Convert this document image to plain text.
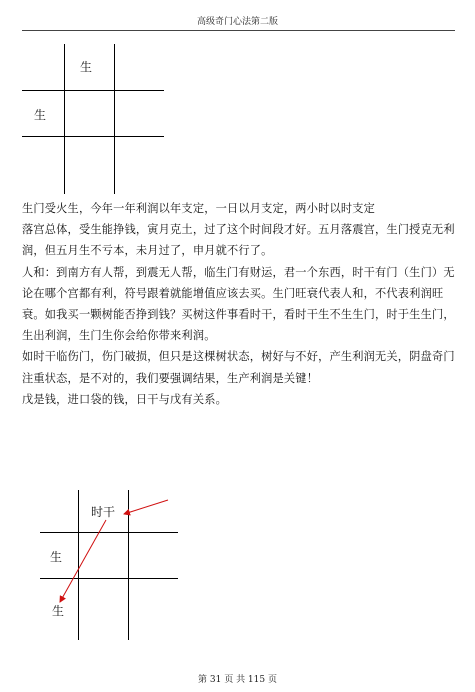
高级奇门心法第二版
生
生

生门受火生，今年一年利润以年支定，一日以月支定，两小时以时支定

落宫总体，受生能挣钱，寅月克土，过了这个时间段才好。五月落震宫，生门授克无利润，但五月生不亏本，未月过了，申月就不行了。

人和：到南方有人帮，到震无人帮，临生门有财运，君一个东西，时干有门（生门）无论在哪个宫都有利，符号跟着就能增值应该去买。生门旺衰代表人和，不代表利润旺衰。如我买一颗树能否挣到钱？买树这件事看时干，看时干生不生生门，时于生生门，生出利润，生门生你会给你带来利润。

如时干临伤门，伤门破损，但只是这棵树状态，树好与不好，产生利润无关，阴盘奇门注重状态，是不对的，我们要强调结果，生产利润是关键！

戊是钱，进口袋的钱，日干与戊有关系。

时干
生
生
第 31 页 共 115 页
